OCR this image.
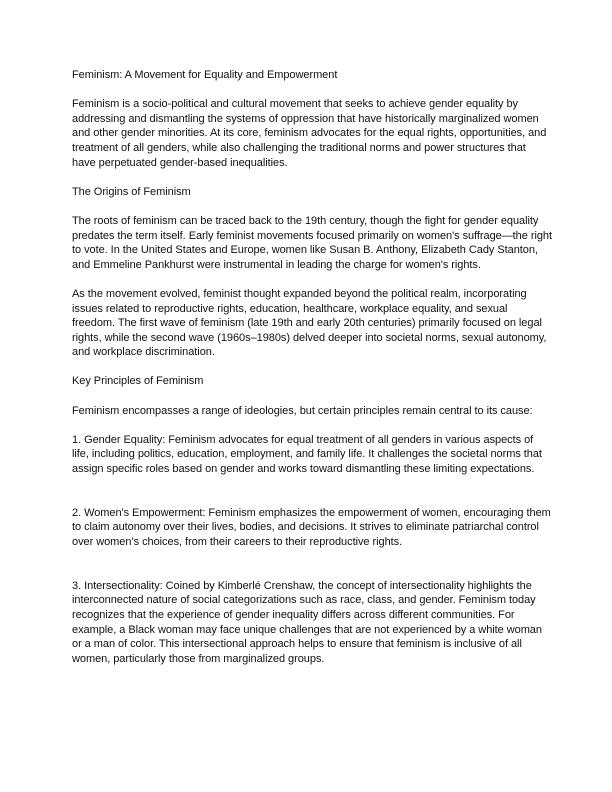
Feminism: A Movement for Equality and Empowerment

Feminism is a socio-political and cultural movement that seeks to achieve gender equality by addressing and dismantling the systems of oppression that have historically marginalized women and other gender minorities. At its core, feminism advocates for the equal rights, opportunities, and treatment of all genders, while also challenging the traditional norms and power structures that have perpetuated gender-based inequalities.

The Origins of Feminism

The roots of feminism can be traced back to the 19th century, though the fight for gender equality predates the term itself. Early feminist movements focused primarily on women's suffrage—the right to vote. In the United States and Europe, women like Susan B. Anthony, Elizabeth Cady Stanton, and Emmeline Pankhurst were instrumental in leading the charge for women's rights.

As the movement evolved, feminist thought expanded beyond the political realm, incorporating issues related to reproductive rights, education, healthcare, workplace equality, and sexual freedom. The first wave of feminism (late 19th and early 20th centuries) primarily focused on legal rights, while the second wave (1960s–1980s) delved deeper into societal norms, sexual autonomy, and workplace discrimination.

Key Principles of Feminism

Feminism encompasses a range of ideologies, but certain principles remain central to its cause:

1. Gender Equality: Feminism advocates for equal treatment of all genders in various aspects of life, including politics, education, employment, and family life. It challenges the societal norms that assign specific roles based on gender and works toward dismantling these limiting expectations.

2. Women's Empowerment: Feminism emphasizes the empowerment of women, encouraging them to claim autonomy over their lives, bodies, and decisions. It strives to eliminate patriarchal control over women’s choices, from their careers to their reproductive rights.

3. Intersectionality: Coined by Kimberlé Crenshaw, the concept of intersectionality highlights the interconnected nature of social categorizations such as race, class, and gender. Feminism today recognizes that the experience of gender inequality differs across different communities. For example, a Black woman may face unique challenges that are not experienced by a white woman or a man of color. This intersectional approach helps to ensure that feminism is inclusive of all women, particularly those from marginalized groups.
